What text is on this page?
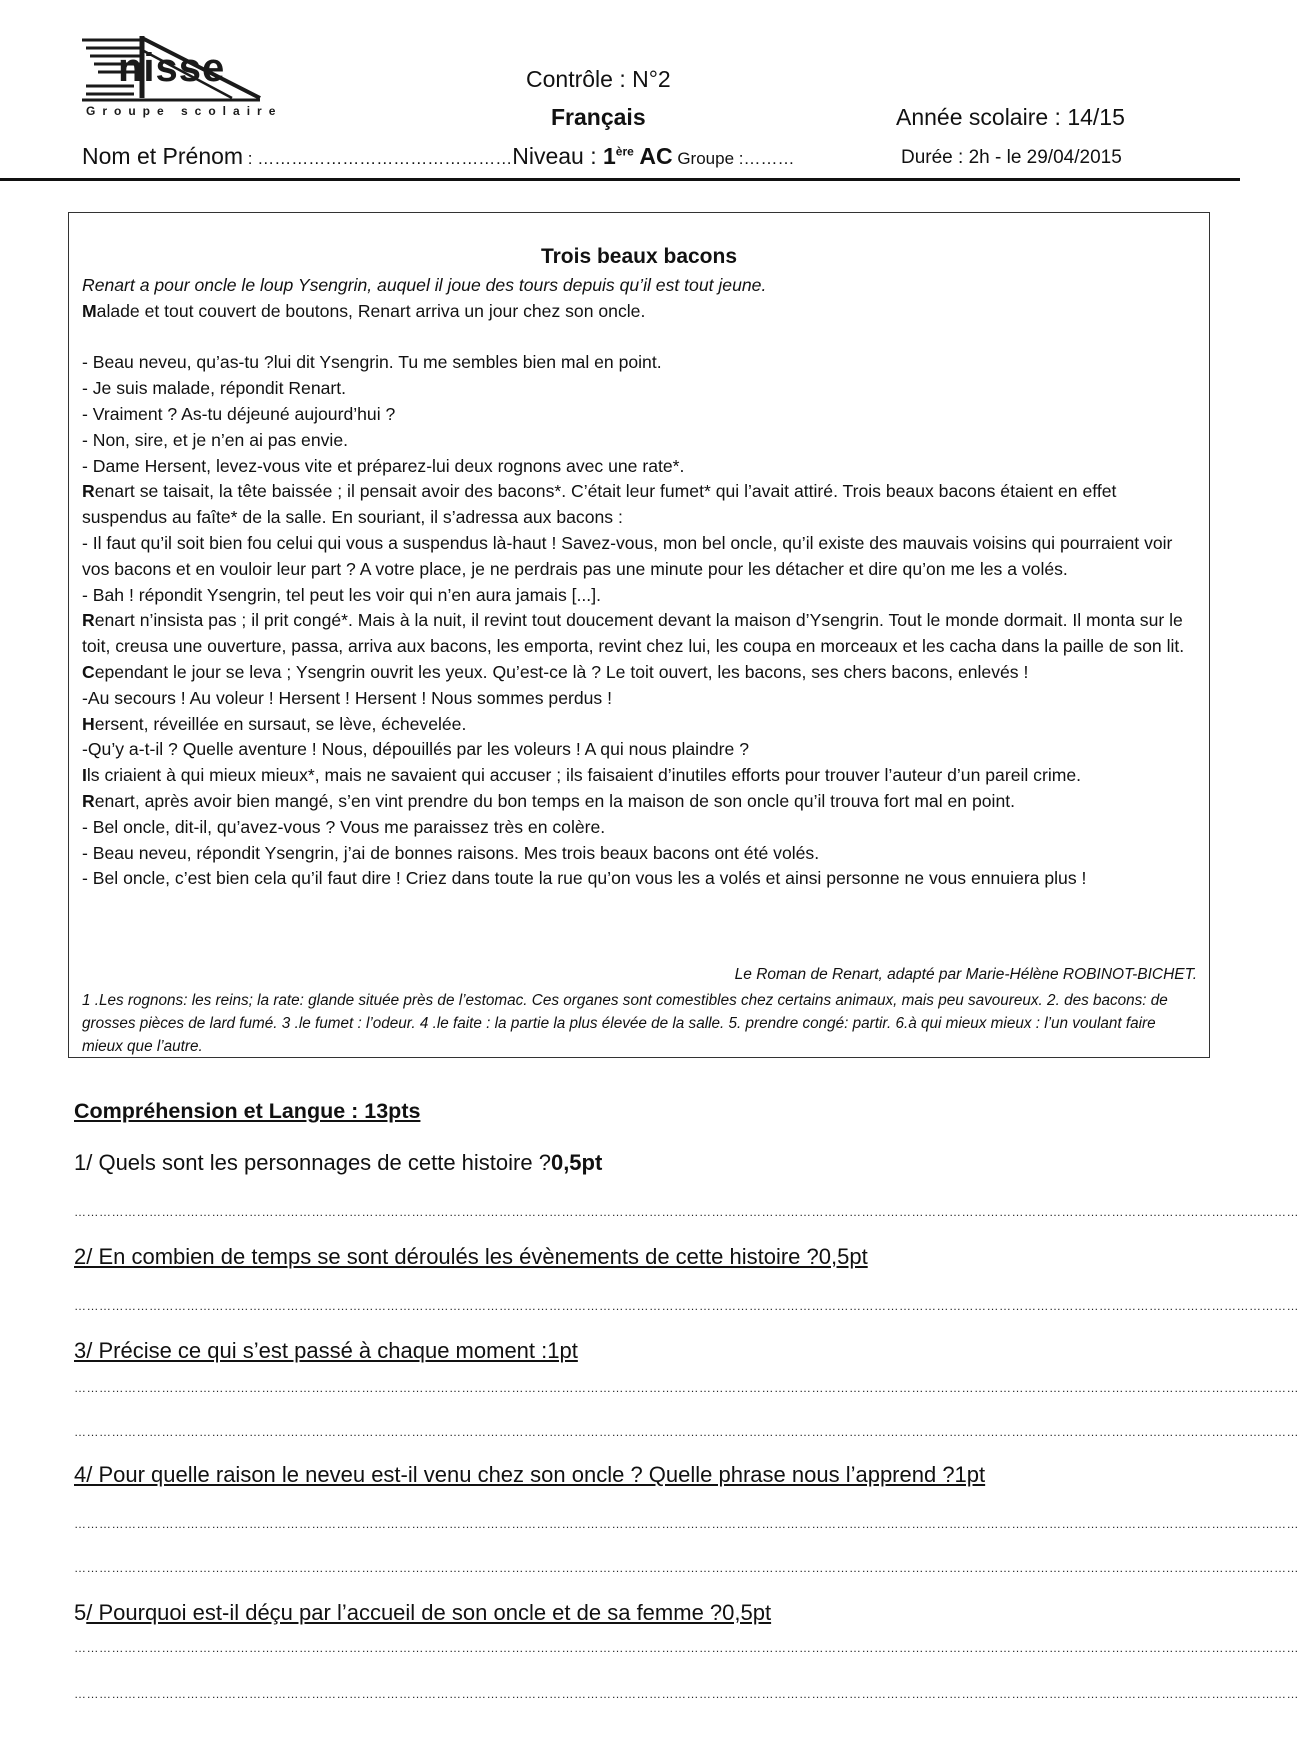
nisse
Groupe scolaire
Contrôle : N°2
Français	Année scolaire : 14/15
Nom et Prénom : ………………………………………Niveau : 1ère AC Groupe :………	Durée : 2h - le 29/04/2015
Trois beaux bacons

Renart a pour oncle le loup Ysengrin, auquel il joue des tours depuis qu’il est tout jeune.

Malade et tout couvert de boutons, Renart arriva un jour chez son oncle.

- Beau neveu, qu’as-tu ?lui dit Ysengrin. Tu me sembles bien mal en point.

- Je suis malade, répondit Renart.

- Vraiment ? As-tu déjeuné aujourd’hui ?

- Non, sire, et je n’en ai pas envie.

- Dame Hersent, levez-vous vite et préparez-lui deux rognons avec une rate*.

Renart se taisait, la tête baissée ; il pensait avoir des bacons*. C’était leur fumet* qui l’avait attiré. Trois beaux bacons étaient en effet suspendus au faîte* de la salle. En souriant, il s’adressa aux bacons :

- Il faut qu’il soit bien fou celui qui vous a suspendus là-haut ! Savez-vous, mon bel oncle, qu’il existe des mauvais voisins qui pourraient voir vos bacons et en vouloir leur part ? A votre place, je ne perdrais pas une minute pour les détacher et dire qu’on me les a volés.

- Bah ! répondit Ysengrin, tel peut les voir qui n’en aura jamais [...].

Renart n’insista pas ; il prit congé*. Mais à la nuit, il revint tout doucement devant la maison d’Ysengrin. Tout le monde dormait. Il monta sur le toit, creusa une ouverture, passa, arriva aux bacons, les emporta, revint chez lui, les coupa en morceaux et les cacha dans la paille de son lit.

Cependant le jour se leva ; Ysengrin ouvrit les yeux. Qu’est-ce là ? Le toit ouvert, les bacons, ses chers bacons, enlevés !

-Au secours ! Au voleur ! Hersent ! Hersent ! Nous sommes perdus !

Hersent, réveillée en sursaut, se lève, échevelée.

-Qu’y a-t-il ? Quelle aventure ! Nous, dépouillés par les voleurs ! A qui nous plaindre ?

Ils criaient à qui mieux mieux*, mais ne savaient qui accuser ; ils faisaient d’inutiles efforts pour trouver l’auteur d’un pareil crime.

Renart, après avoir bien mangé, s’en vint prendre du bon temps en la maison de son oncle qu’il trouva fort mal en point.

- Bel oncle, dit-il, qu’avez-vous ? Vous me paraissez très en colère.

- Beau neveu, répondit Ysengrin, j’ai de bonnes raisons. Mes trois beaux bacons ont été volés.

- Bel oncle, c’est bien cela qu’il faut dire ! Criez dans toute la rue qu’on vous les a volés et ainsi personne ne vous ennuiera plus !

Le Roman de Renart, adapté par Marie-Hélène ROBINOT-BICHET.
1 .Les rognons: les reins; la rate: glande située près de l’estomac. Ces organes sont comestibles chez certains animaux, mais peu savoureux. 2. des bacons: de grosses pièces de lard fumé. 3 .le fumet : l’odeur. 4 .le faite : la partie la plus élevée de la salle. 5. prendre congé: partir. 6.à qui mieux mieux : l’un voulant faire mieux que l’autre.
Compréhension et Langue : 13pts
1/ Quels sont les personnages de cette histoire ?0,5pt
……………………………………………………………………………………………………………………………………………………………………………………………………………………………………………………………………
2/ En combien de temps se sont déroulés les évènements de cette histoire ?0,5pt
……………………………………………………………………………………………………………………………………………………………………………………………………………………………………………………………………
3/ Précise ce qui s’est passé à chaque moment :1pt
……………………………………………………………………………………………………………………………………………………………………………………………………………………………………………………………………
……………………………………………………………………………………………………………………………………………………………………………………………………………………………………………………………………
4/ Pour quelle raison le neveu est-il venu chez son oncle ? Quelle phrase nous l’apprend ?1pt
……………………………………………………………………………………………………………………………………………………………………………………………………………………………………………………………………
……………………………………………………………………………………………………………………………………………………………………………………………………………………………………………………………………
5/ Pourquoi est-il déçu par l’accueil de son oncle et de sa femme ?0,5pt
……………………………………………………………………………………………………………………………………………………………………………………………………………………………………………………………………
……………………………………………………………………………………………………………………………………………………………………………………………………………………………………………………………………
